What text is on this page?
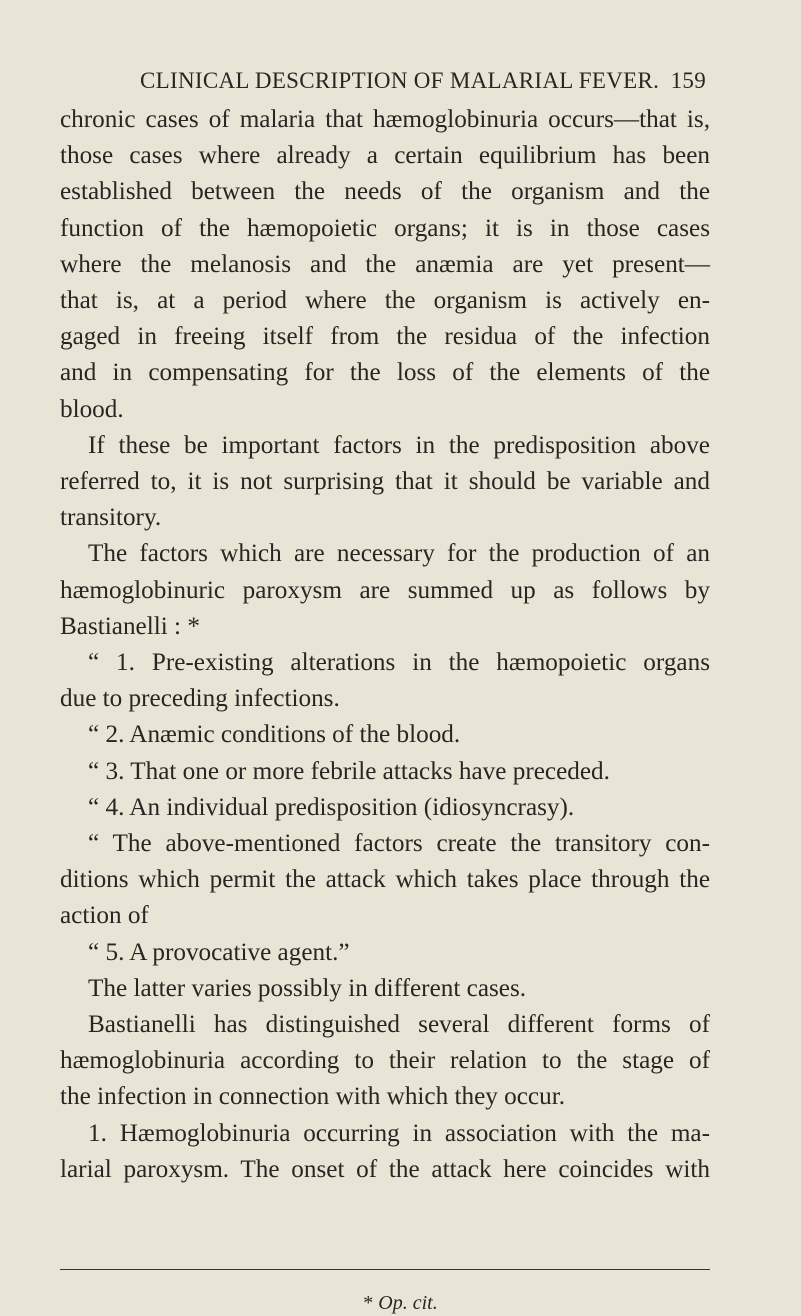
CLINICAL DESCRIPTION OF MALARIAL FEVER. 159
chronic cases of malaria that hæmoglobinuria occurs—that is,
those cases where already a certain equilibrium has been
established between the needs of the organism and the
function of the hæmopoietic organs; it is in those cases
where the melanosis and the anæmia are yet present—
that is, at a period where the organism is actively en-
gaged in freeing itself from the residua of the infection
and in compensating for the loss of the elements of the
blood.
If these be important factors in the predisposition above
referred to, it is not surprising that it should be variable and
transitory.
The factors which are necessary for the production of an
hæmoglobinuric paroxysm are summed up as follows by
Bastianelli : *
“ 1. Pre-existing alterations in the hæmopoietic organs
due to preceding infections.
“ 2. Anæmic conditions of the blood.
“ 3. That one or more febrile attacks have preceded.
“ 4. An individual predisposition (idiosyncrasy).
“ The above-mentioned factors create the transitory con-
ditions which permit the attack which takes place through the
action of
“ 5. A provocative agent.”
The latter varies possibly in different cases.
Bastianelli has distinguished several different forms of
hæmoglobinuria according to their relation to the stage of
the infection in connection with which they occur.
1. Hæmoglobinuria occurring in association with the ma-
larial paroxysm. The onset of the attack here coincides with
* Op. cit.
